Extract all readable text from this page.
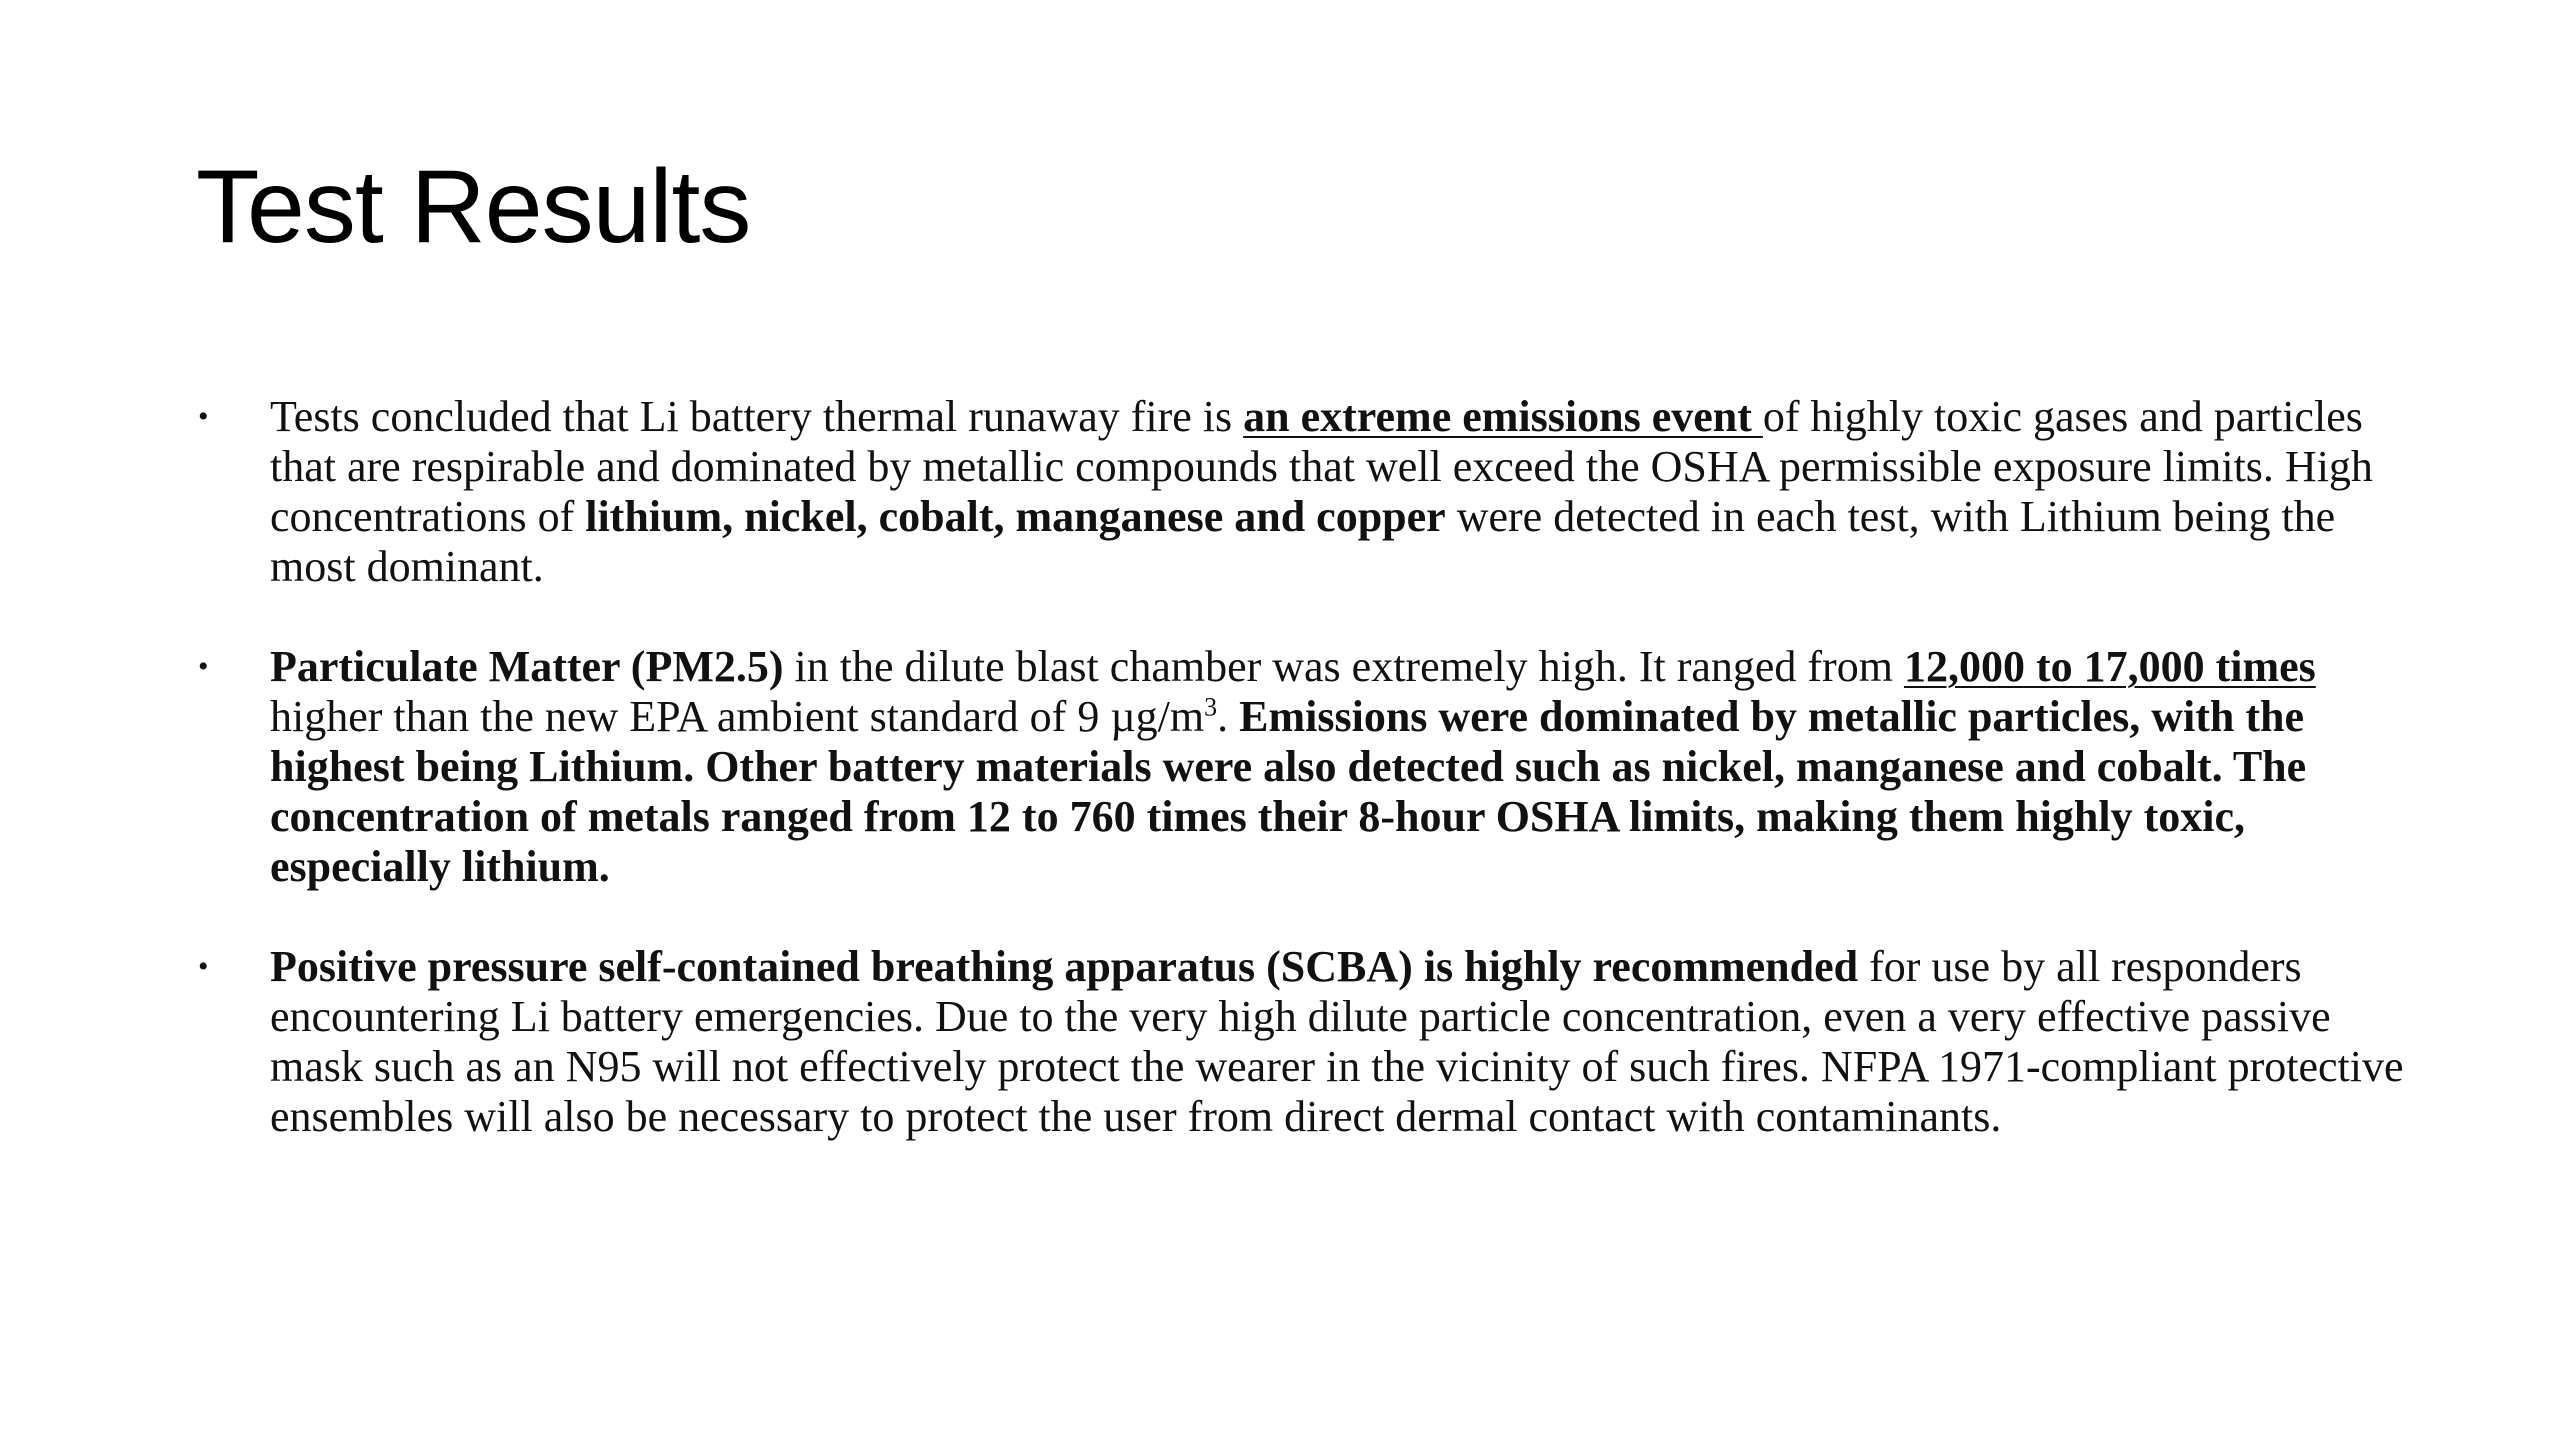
Test Results
• Tests concluded that Li battery thermal runaway fire is an extreme emissions event of highly toxic gases and particles that are respirable and dominated by metallic compounds that well exceed the OSHA permissible exposure limits. High concentrations of lithium, nickel, cobalt, manganese and copper were detected in each test, with Lithium being the most dominant.
• Particulate Matter (PM2.5) in the dilute blast chamber was extremely high. It ranged from 12,000 to 17,000 times higher than the new EPA ambient standard of 9 $\mu g/m^3$. Emissions were dominated by metallic particles, with the highest being Lithium. Other battery materials were also detected such as nickel, manganese and cobalt. The concentration of metals ranged from 12 to 760 times their 8-hour OSHA limits, making them highly toxic, especially lithium.
• Positive pressure self-contained breathing apparatus (SCBA) is highly recommended for use by all responders encountering Li battery emergencies. Due to the very high dilute particle concentration, even a very effective passive mask such as an N95 will not effectively protect the wearer in the vicinity of such fires. NFPA 1971-compliant protective ensembles will also be necessary to protect the user from direct dermal contact with contaminants.
